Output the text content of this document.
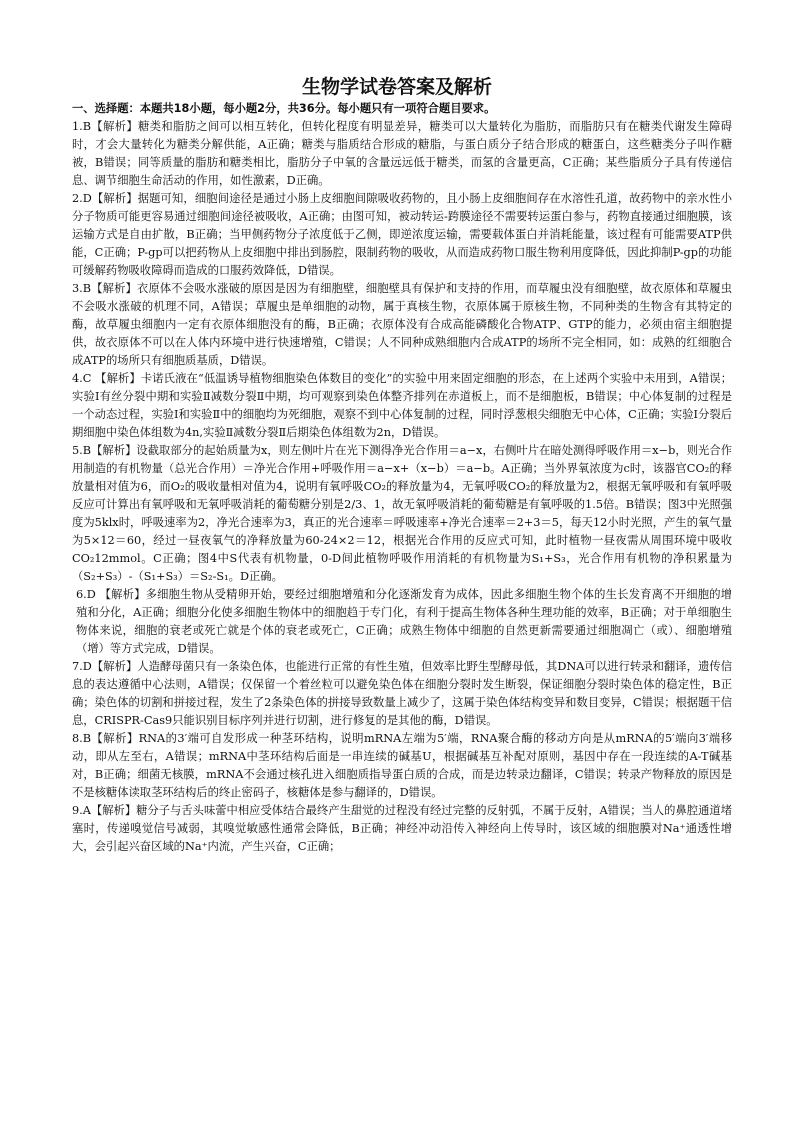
生物学试卷答案及解析

一、选择题：本题共18小题，每小题2分，共36分。每小题只有一项符合题目要求。

1.B【解析】糖类和脂肪之间可以相互转化，但转化程度有明显差异，糖类可以大量转化为脂肪，而脂肪只有在糖类代谢发生障碍时，才会大量转化为糖类分解供能，A正确；糖类与脂质结合形成的糖脂，与蛋白质分子结合形成的糖蛋白，这些糖类分子叫作糖被，B错误；同等质量的脂肪和糖类相比，脂肪分子中氧的含量远远低于糖类，而氢的含量更高，C正确；某些脂质分子具有传递信息、调节细胞生命活动的作用，如性激素，D正确。

2.D【解析】据题可知，细胞间途径是通过小肠上皮细胞间隙吸收药物的，且小肠上皮细胞间存在水溶性孔道，故药物中的亲水性小分子物质可能更容易通过细胞间途径被吸收，A正确；由图可知，被动转运-跨膜途径不需要转运蛋白参与，药物直接通过细胞膜，该运输方式是自由扩散，B正确；当甲侧药物分子浓度低于乙侧，即逆浓度运输，需要载体蛋白并消耗能量，该过程有可能需要ATP供能，C正确；P-gp可以把药物从上皮细胞中排出到肠腔，限制药物的吸收，从而造成药物口服生物利用度降低，因此抑制P-gp的功能可缓解药物吸收障碍而造成的口服药效降低，D错误。

3.B【解析】衣原体不会吸水涨破的原因是因为有细胞壁，细胞壁具有保护和支持的作用，而草履虫没有细胞壁，故衣原体和草履虫不会吸水涨破的机理不同，A错误；草履虫是单细胞的动物，属于真核生物，衣原体属于原核生物，不同种类的生物含有其特定的酶，故草履虫细胞内一定有衣原体细胞没有的酶，B正确；衣原体没有合成高能磷酸化合物ATP、GTP的能力，必须由宿主细胞提供，故衣原体不可以在人体内环境中进行快速增殖，C错误；人不同种成熟细胞内合成ATP的场所不完全相同，如：成熟的红细胞合成ATP的场所只有细胞质基质，D错误。

4.C 【解析】卡诺氏液在“低温诱导植物细胞染色体数目的变化”的实验中用来固定细胞的形态，在上述两个实验中未用到，A错误；实验Ⅰ有丝分裂中期和实验Ⅱ减数分裂Ⅱ中期，均可观察到染色体整齐排列在赤道板上，而不是细胞板，B错误；中心体复制的过程是一个动态过程，实验Ⅰ和实验Ⅱ中的细胞均为死细胞，观察不到中心体复制的过程，同时浮葱根尖细胞无中心体，C正确；实验Ⅰ分裂后期细胞中染色体组数为4n,实验Ⅱ减数分裂Ⅱ后期染色体组数为2n，D错误。

5.B【解析】设截取部分的起始质量为x，则左侧叶片在光下测得净光合作用＝a−x，右侧叶片在暗处测得呼吸作用＝x−b，则光合作用制造的有机物量（总光合作用）＝净光合作用+呼吸作用＝a−x+（x−b）＝a−b。A正确；当外界氧浓度为c时，该器官CO₂的释放量相对值为6，而O₂的吸收量相对值为4，说明有氧呼吸CO₂的释放量为4，无氧呼吸CO₂的释放量为2，根据无氧呼吸和有氧呼吸反应可计算出有氧呼吸和无氧呼吸消耗的葡萄糖分别是2/3、1，故无氧呼吸消耗的葡萄糖是有氧呼吸的1.5倍。B错误；图3中光照强度为5klx时，呼吸速率为2，净光合速率为3，真正的光合速率＝呼吸速率+净光合速率＝2+3＝5，每天12小时光照，产生的氧气量为5×12＝60，经过一昼夜氧气的净释放量为60-24×2＝12，根据光合作用的反应式可知，此时植物一昼夜需从周围环境中吸收CO₂12mmol。C正确；图4中S代表有机物量，0-D间此植物呼吸作用消耗的有机物量为S₁+S₃，光合作用有机物的净积累量为（S₂+S₃）-（S₁+S₃）＝S₂-S₁。D正确。

6.D 【解析】多细胞生物从受精卵开始，要经过细胞增殖和分化逐渐发育为成体，因此多细胞生物个体的生长发育离不开细胞的增殖和分化，A正确；细胞分化使多细胞生物体中的细胞趋于专门化，有利于提高生物体各种生理功能的效率，B正确；对于单细胞生物体来说，细胞的衰老或死亡就是个体的衰老或死亡，C正确；成熟生物体中细胞的自然更新需要通过细胞凋亡（或）、细胞增殖（增）等方式完成，D错误。

7.D【解析】人造酵母菌只有一条染色体，也能进行正常的有性生殖，但效率比野生型酵母低，其DNA可以进行转录和翻译，遗传信息的表达遵循中心法则，A错误；仅保留一个着丝粒可以避免染色体在细胞分裂时发生断裂，保证细胞分裂时染色体的稳定性，B正确；染色体的切割和拼接过程，发生了2条染色体的拼接导致数量上减少了，这属于染色体结构变异和数目变异，C错误；根据题干信息，CRISPR-Cas9只能识别目标序列并进行切割，进行修复的是其他的酶，D错误。

8.B【解析】RNA的3′端可自发形成一种茎环结构，说明mRNA左端为5′端，RNA聚合酶的移动方向是从mRNA的5′端向3′端移动，即从左至右，A错误；mRNA中茎环结构后面是一串连续的碱基U，根据碱基互补配对原则，基因中存在一段连续的A-T碱基对，B正确；细菌无核膜，mRNA不会通过核孔进入细胞质指导蛋白质的合成，而是边转录边翻译，C错误；转录产物释放的原因是不是核糖体读取茎环结构后的终止密码子，核糖体是参与翻译的，D错误。

9.A【解析】糖分子与舌头味蕾中相应受体结合最终产生甜觉的过程没有经过完整的反射弧，不属于反射，A错误；当人的鼻腔通道堵塞时，传递嗅觉信号减弱，其嗅觉敏感性通常会降低，B正确；神经冲动沿传入神经向上传导时，该区域的细胞膜对Na⁺通透性增大，会引起兴奋区域的Na⁺内流，产生兴奋，C正确；
